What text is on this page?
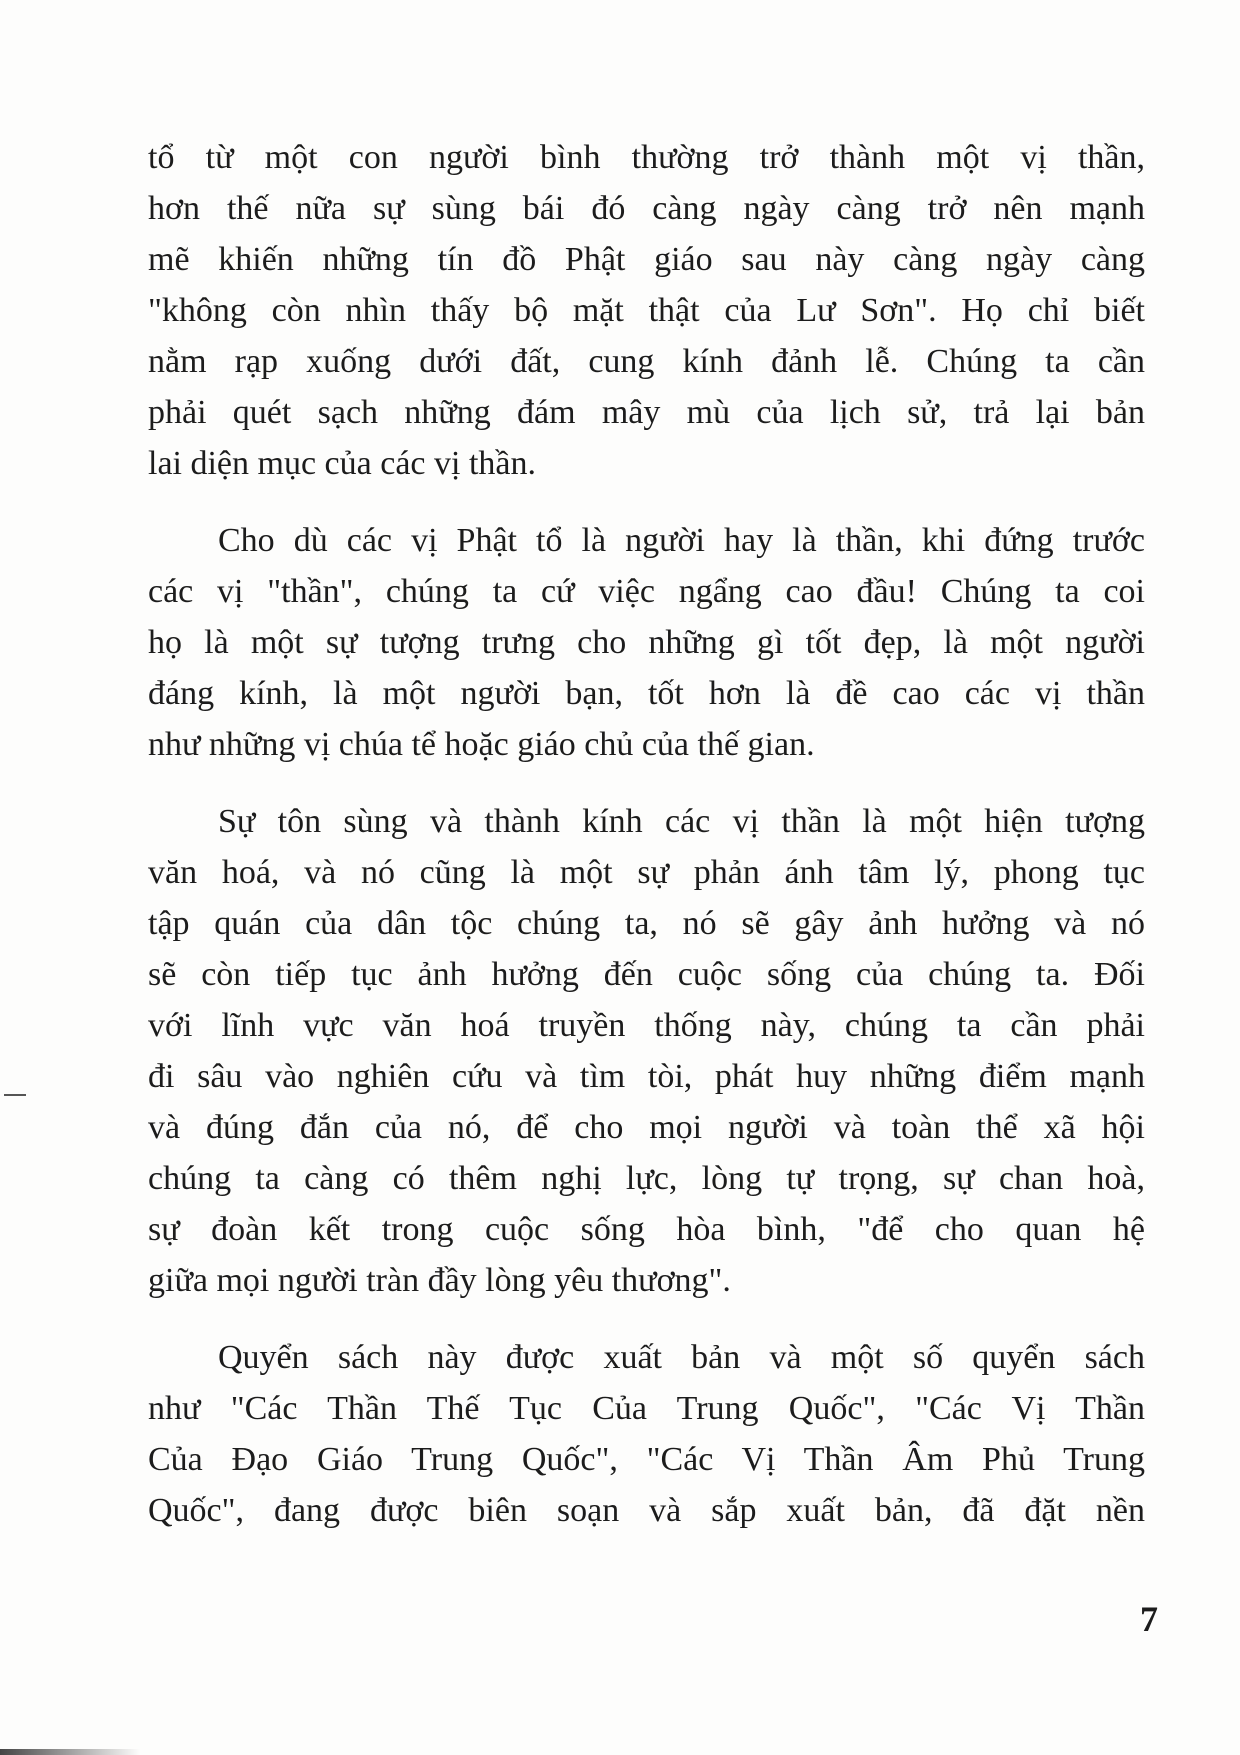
tổ từ một con người bình thường trở thành một vị thần,
hơn thế nữa sự sùng bái đó càng ngày càng trở nên mạnh
mẽ khiến những tín đồ Phật giáo sau này càng ngày càng
"không còn nhìn thấy bộ mặt thật của Lư Sơn". Họ chỉ biết
nằm rạp xuống dưới đất, cung kính đảnh lễ. Chúng ta cần
phải quét sạch những đám mây mù của lịch sử, trả lại bản
lai diện mục của các vị thần.
Cho dù các vị Phật tổ là người hay là thần, khi đứng trước
các vị "thần", chúng ta cứ việc ngẩng cao đầu! Chúng ta coi
họ là một sự tượng trưng cho những gì tốt đẹp, là một người
đáng kính, là một người bạn, tốt hơn là đề cao các vị thần
như những vị chúa tể hoặc giáo chủ của thế gian.
Sự tôn sùng và thành kính các vị thần là một hiện tượng
văn hoá, và nó cũng là một sự phản ánh tâm lý, phong tục
tập quán của dân tộc chúng ta, nó sẽ gây ảnh hưởng và nó
sẽ còn tiếp tục ảnh hưởng đến cuộc sống của chúng ta. Đối
với lĩnh vực văn hoá truyền thống này, chúng ta cần phải
đi sâu vào nghiên cứu và tìm tòi, phát huy những điểm mạnh
và đúng đắn của nó, để cho mọi người và toàn thể xã hội
chúng ta càng có thêm nghị lực, lòng tự trọng, sự chan hoà,
sự đoàn kết trong cuộc sống hòa bình, "để cho quan hệ
giữa mọi người tràn đầy lòng yêu thương".
Quyển sách này được xuất bản và một số quyển sách
như "Các Thần Thế Tục Của Trung Quốc", "Các Vị Thần
Của Đạo Giáo Trung Quốc", "Các Vị Thần Âm Phủ Trung
Quốc", đang được biên soạn và sắp xuất bản, đã đặt nền
7
